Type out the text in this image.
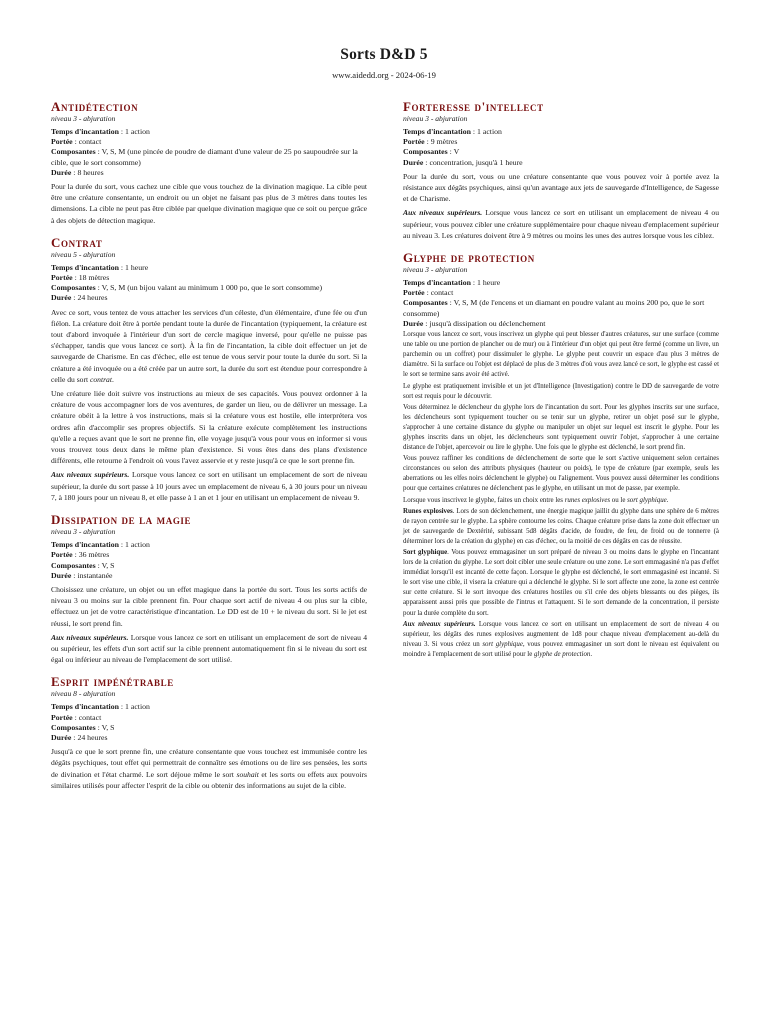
Sorts D&D 5
www.aidedd.org - 2024-06-19
Antidétection
niveau 3 - abjuration
Temps d'incantation : 1 action
Portée : contact
Composantes : V, S, M (une pincée de poudre de diamant d'une valeur de 25 po saupoudrée sur la cible, que le sort consomme)
Durée : 8 heures

Pour la durée du sort, vous cachez une cible que vous touchez de la divination magique. La cible peut être une créature consentante, un endroit ou un objet ne faisant pas plus de 3 mètres dans toutes les dimensions. La cible ne peut pas être ciblée par quelque divination magique que ce soit ou perçue grâce à des objets de détection magique.

Contrat
niveau 5 - abjuration
Temps d'incantation : 1 heure
Portée : 18 mètres
Composantes : V, S, M (un bijou valant au minimum 1 000 po, que le sort consomme)
Durée : 24 heures

Avec ce sort, vous tentez de vous attacher les services d'un céleste, d'un élémentaire, d'une fée ou d'un fiélon. La créature doit être à portée pendant toute la durée de l'incantation (typiquement, la créature est tout d'abord invoquée à l'intérieur d'un sort de cercle magique inversé, pour qu'elle ne puisse pas s'échapper, tandis que vous lancez ce sort). À la fin de l'incantation, la cible doit effectuer un jet de sauvegarde de Charisme. En cas d'échec, elle est tenue de vous servir pour toute la durée du sort. Si la créature a été invoquée ou a été créée par un autre sort, la durée du sort est étendue pour correspondre à celle du sort contrat.

Une créature liée doit suivre vos instructions au mieux de ses capacités. Vous pouvez ordonner à la créature de vous accompagner lors de vos aventures, de garder un lieu, ou de délivrer un message. La créature obéit à la lettre à vos instructions, mais si la créature vous est hostile, elle interprétera vos ordres afin d'accomplir ses propres objectifs. Si la créature exécute complètement les instructions qu'elle a reçues avant que le sort ne prenne fin, elle voyage jusqu'à vous pour vous en informer si vous vous trouvez tous deux dans le même plan d'existence. Si vous êtes dans des plans d'existence différents, elle retourne à l'endroit où vous l'avez asservie et y reste jusqu'à ce que le sort prenne fin.

Aux niveaux supérieurs. Lorsque vous lancez ce sort en utilisant un emplacement de sort de niveau supérieur, la durée du sort passe à 10 jours avec un emplacement de niveau 6, à 30 jours pour un niveau 7, à 180 jours pour un niveau 8, et elle passe à 1 an et 1 jour en utilisant un emplacement de niveau 9.

Dissipation de la magie
niveau 3 - abjuration
Temps d'incantation : 1 action
Portée : 36 mètres
Composantes : V, S
Durée : instantanée

Choisissez une créature, un objet ou un effet magique dans la portée du sort. Tous les sorts actifs de niveau 3 ou moins sur la cible prennent fin. Pour chaque sort actif de niveau 4 ou plus sur la cible, effectuez un jet de votre caractéristique d'incantation. Le DD est de 10 + le niveau du sort. Si le jet est réussi, le sort prend fin.

Aux niveaux supérieurs. Lorsque vous lancez ce sort en utilisant un emplacement de sort de niveau 4 ou supérieur, les effets d'un sort actif sur la cible prennent automatiquement fin si le niveau du sort est égal ou inférieur au niveau de l'emplacement de sort utilisé.

Esprit impénétrable
niveau 8 - abjuration
Temps d'incantation : 1 action
Portée : contact
Composantes : V, S
Durée : 24 heures

Jusqu'à ce que le sort prenne fin, une créature consentante que vous touchez est immunisée contre les dégâts psychiques, tout effet qui permettrait de connaître ses émotions ou de lire ses pensées, les sorts de divination et l'état charmé. Le sort déjoue même le sort souhait et les sorts ou effets aux pouvoirs similaires utilisés pour affecter l'esprit de la cible ou obtenir des informations au sujet de la cible.

Forteresse d'intellect
niveau 3 - abjuration
Temps d'incantation : 1 action
Portée : 9 mètres
Composantes : V
Durée : concentration, jusqu'à 1 heure

Pour la durée du sort, vous ou une créature consentante que vous pouvez voir à portée avez la résistance aux dégâts psychiques, ainsi qu'un avantage aux jets de sauvegarde d'Intelligence, de Sagesse et de Charisme.

Aux niveaux supérieurs. Lorsque vous lancez ce sort en utilisant un emplacement de niveau 4 ou supérieur, vous pouvez cibler une créature supplémentaire pour chaque niveau d'emplacement supérieur au niveau 3. Les créatures doivent être à 9 mètres ou moins les unes des autres lorsque vous les ciblez.

Glyphe de protection
niveau 3 - abjuration
Temps d'incantation : 1 heure
Portée : contact
Composantes : V, S, M (de l'encens et un diamant en poudre valant au moins 200 po, que le sort consomme)
Durée : jusqu'à dissipation ou déclenchement

Lorsque vous lancez ce sort, vous inscrivez un glyphe qui peut blesser d'autres créatures, sur une surface (comme une table ou une portion de plancher ou de mur) ou à l'intérieur d'un objet qui peut être fermé (comme un livre, un parchemin ou un coffret) pour dissimuler le glyphe. Le glyphe peut couvrir un espace d'au plus 3 mètres de diamètre. Si la surface ou l'objet est déplacé de plus de 3 mètres d'où vous avez lancé ce sort, le glyphe est cassé et le sort se termine sans avoir été activé.

Le glyphe est pratiquement invisible et un jet d'Intelligence (Investigation) contre le DD de sauvegarde de votre sort est requis pour le découvrir.

Vous déterminez le déclencheur du glyphe lors de l'incantation du sort. Pour les glyphes inscrits sur une surface, les déclencheurs sont typiquement toucher ou se tenir sur un glyphe, retirer un objet posé sur le glyphe, s'approcher à une certaine distance du glyphe ou manipuler un objet sur lequel est inscrit le glyphe. Pour les glyphes inscrits dans un objet, les déclencheurs sont typiquement ouvrir l'objet, s'approcher à une certaine distance de l'objet, apercevoir ou lire le glyphe. Une fois que le glyphe est déclenché, le sort prend fin.

Vous pouvez raffiner les conditions de déclenchement de sorte que le sort s'active uniquement selon certaines circonstances ou selon des attributs physiques (hauteur ou poids), le type de créature (par exemple, seuls les aberrations ou les elfes noirs déclenchent le glyphe) ou l'alignement. Vous pouvez aussi déterminer les conditions pour que certaines créatures ne déclenchent pas le glyphe, en utilisant un mot de passe, par exemple.

Lorsque vous inscrivez le glyphe, faites un choix entre les runes explosives ou le sort glyphique.

Runes explosives. Lors de son déclenchement, une énergie magique jaillit du glyphe dans une sphère de 6 mètres de rayon centrée sur le glyphe. La sphère contourne les coins. Chaque créature prise dans la zone doit effectuer un jet de sauvegarde de Dextérité, subissant 5d8 dégâts d'acide, de foudre, de feu, de froid ou de tonnerre (à déterminer lors de la création du glyphe) en cas d'échec, ou la moitié de ces dégâts en cas de réussite.

Sort glyphique. Vous pouvez emmagasiner un sort préparé de niveau 3 ou moins dans le glyphe en l'incantant lors de la création du glyphe. Le sort doit cibler une seule créature ou une zone. Le sort emmagasiné n'a pas d'effet immédiat lorsqu'il est incanté de cette façon. Lorsque le glyphe est déclenché, le sort emmagasiné est incanté. Si le sort vise une cible, il visera la créature qui a déclenché le glyphe. Si le sort affecte une zone, la zone est centrée sur cette créature. Si le sort invoque des créatures hostiles ou s'il crée des objets blessants ou des pièges, ils apparaissent aussi près que possible de l'intrus et l'attaquent. Si le sort demande de la concentration, il persiste pour la durée complète du sort.

Aux niveaux supérieurs. Lorsque vous lancez ce sort en utilisant un emplacement de sort de niveau 4 ou supérieur, les dégâts des runes explosives augmentent de 1d8 pour chaque niveau d'emplacement au-delà du niveau 3. Si vous créez un sort glyphique, vous pouvez emmagasiner un sort dont le niveau est équivalent ou moindre à l'emplacement de sort utilisé pour le glyphe de protection.
